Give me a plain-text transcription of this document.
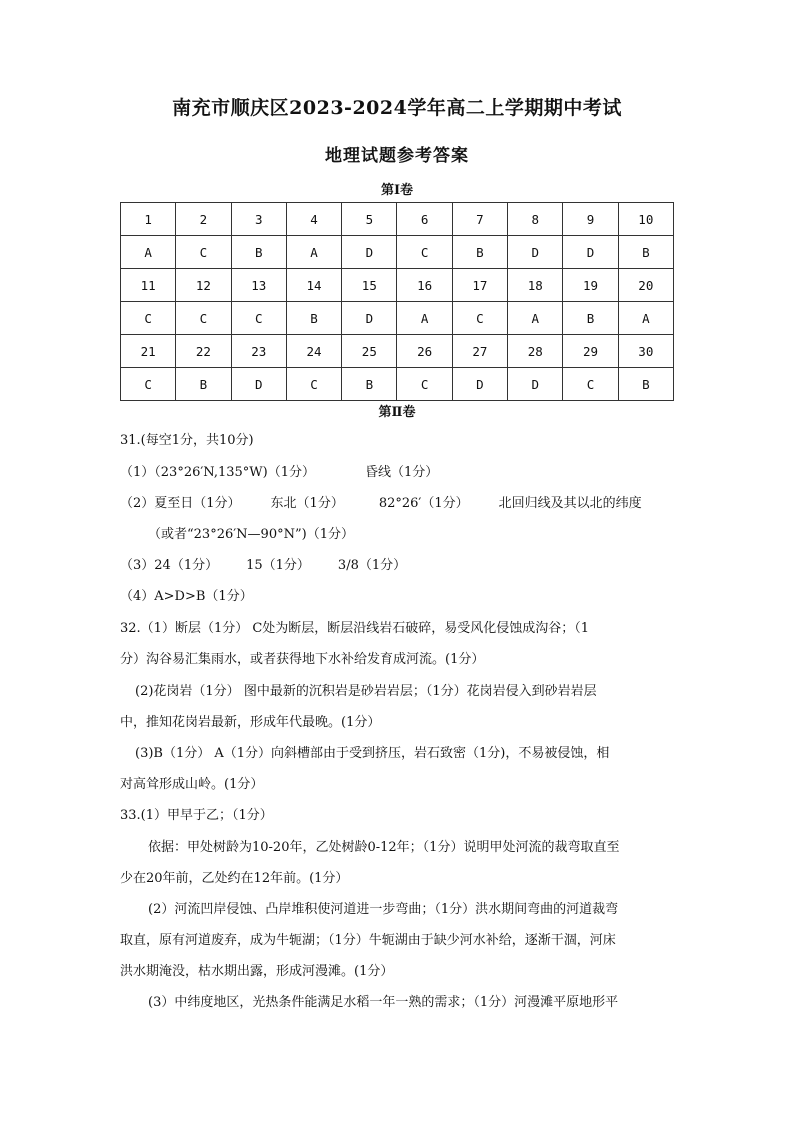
南充市顺庆区2023-2024学年高二上学期期中考试
地理试题参考答案
第Ⅰ卷
1	2	3	4	5	6	7	8	9	10
A	C	B	A	D	C	B	D	D	B
11	12	13	14	15	16	17	18	19	20
C	C	C	B	D	A	C	A	B	A
21	22	23	24	25	26	27	28	29	30
C	B	D	C	B	C	D	D	C	B
第Ⅱ卷
31.(每空1分，共10分)
（1）（23°26′N,135°W)（1分）	昏线（1分）
（2）夏至日（1分） 东北（1分）	82°26′（1分） 北回归线及其以北的纬度
（或者“23°26′N—90°N”)（1分）
（3）24（1分） 15（1分） 3/8（1分）
（4）A>D>B（1分）
32.（1）断层（1分） C处为断层，断层沿线岩石破碎，易受风化侵蚀成沟谷；（1
分）沟谷易汇集雨水，或者获得地下水补给发育成河流。(1分）
(2)花岗岩（1分） 图中最新的沉积岩是砂岩岩层；（1分）花岗岩侵入到砂岩岩层
中，推知花岗岩最新，形成年代最晚。(1分）
(3)B（1分） A（1分）向斜槽部由于受到挤压，岩石致密（1分)，不易被侵蚀，相
对高耸形成山岭。(1分）
33.(1）甲早于乙；（1分）
依据：甲处树龄为10-20年，乙处树龄0-12年；（1分）说明甲处河流的裁弯取直至
少在20年前，乙处约在12年前。(1分）
(2）河流凹岸侵蚀、凸岸堆积使河道进一步弯曲；（1分）洪水期间弯曲的河道裁弯
取直，原有河道废弃，成为牛轭湖；（1分）牛轭湖由于缺少河水补给，逐渐干涸，河床
洪水期淹没，枯水期出露，形成河漫滩。(1分）
(3）中纬度地区，光热条件能满足水稻一年一熟的需求；（1分）河漫滩平原地形平
